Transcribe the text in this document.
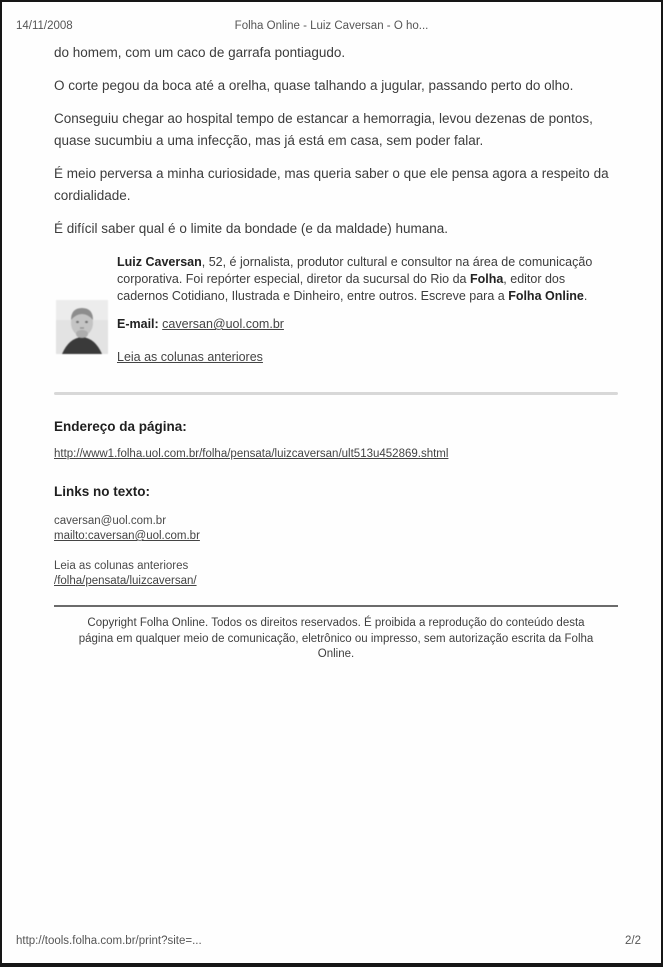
14/11/2008	Folha Online - Luiz Caversan - O ho...

do homem, com um caco de garrafa pontiagudo.

O corte pegou da boca até a orelha, quase talhando a jugular, passando perto do olho.

Conseguiu chegar ao hospital tempo de estancar a hemorragia, levou dezenas de pontos, quase sucumbiu a uma infecção, mas já está em casa, sem poder falar.

É meio perversa a minha curiosidade, mas queria saber o que ele pensa agora a respeito da cordialidade.

É difícil saber qual é o limite da bondade (e da maldade) humana.

Luiz Caversan, 52, é jornalista, produtor cultural e consultor na área de comunicação corporativa. Foi repórter especial, diretor da sucursal do Rio da Folha, editor dos cadernos Cotidiano, Ilustrada e Dinheiro, entre outros. Escreve para a Folha Online.

E-mail: caversan@uol.com.br

Leia as colunas anteriores

Endereço da página:

http://www1.folha.uol.com.br/folha/pensata/luizcaversan/ult513u452869.shtml

Links no texto:
caversan@uol.com.br
mailto:caversan@uol.com.br
Leia as colunas anteriores
/folha/pensata/luizcaversan/

Copyright Folha Online. Todos os direitos reservados. É proibida a reprodução do conteúdo desta
página em qualquer meio de comunicação, eletrônico ou impresso, sem autorização escrita da Folha
Online.

http://tools.folha.com.br/print?site=...	2/2
